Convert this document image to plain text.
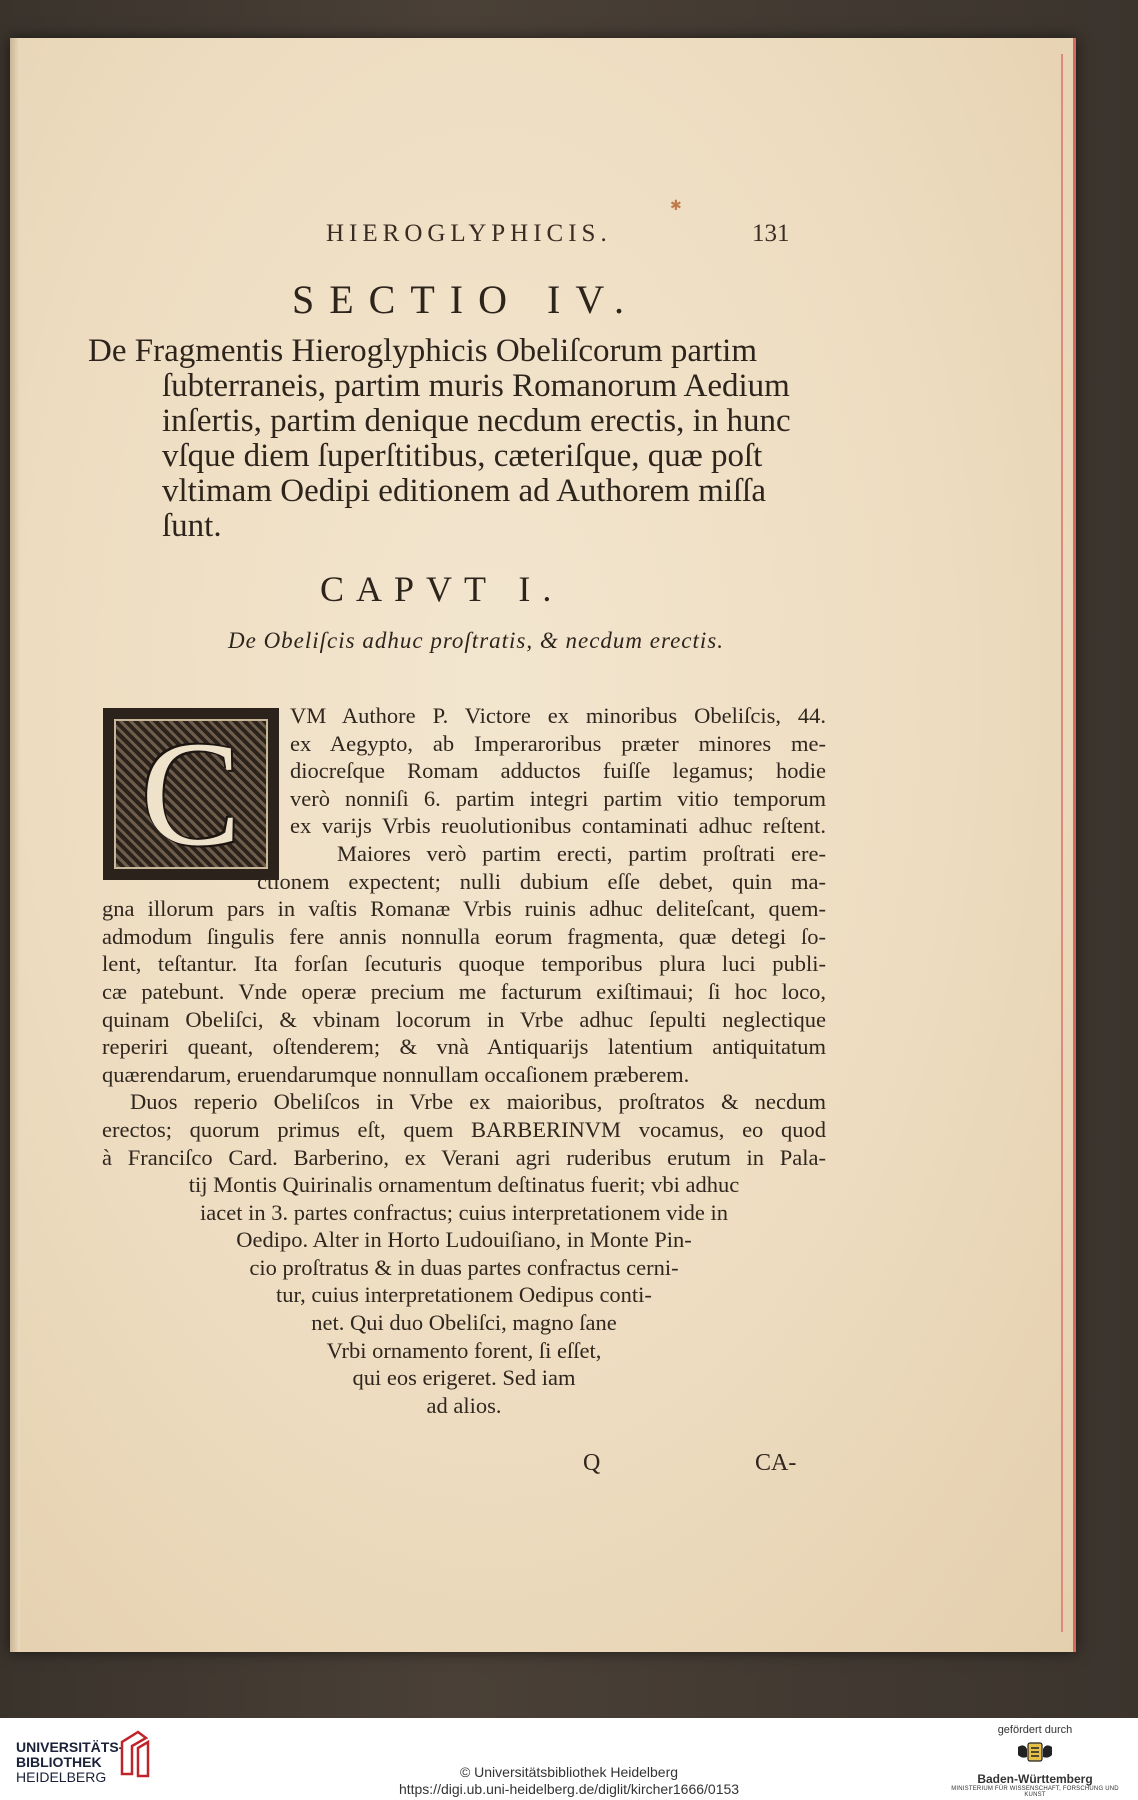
HIEROGLYPHICIS.	131
✱
SECTIO IV.
De Fragmentis Hieroglyphicis Obeliſcorum partim
ſubterraneis, partim muris Romanorum Aedium
inſertis, partim denique necdum erectis, in hunc
vſque diem ſuperſtitibus, cæteriſque, quæ poſt
vltimam Oedipi editionem ad Authorem miſſa
ſunt.
CAPVT I.
De Obeliſcis adhuc proſtratis, & necdum erectis.
C	VM Authore P. Victore ex minoribus Obeliſcis, 44.
ex Aegypto, ab Imperaroribus præter minores me-
diocreſque Romam adductos fuiſſe legamus; hodie
verò nonniſi 6. partim integri partim vitio temporum
ex varijs Vrbis reuolutionibus contaminati adhuc reſtent.
Maiores verò partim erecti, partim proſtrati ere-
ctionem expectent; nulli dubium eſſe debet, quin ma-
gna illorum pars in vaſtis Romanæ Vrbis ruinis adhuc deliteſcant, quem-
admodum ſingulis fere annis nonnulla eorum fragmenta, quæ detegi ſo-
lent, teſtantur. Ita forſan ſecuturis quoque temporibus plura luci publi-
cæ patebunt. Vnde operæ precium me facturum exiſtimaui; ſi hoc loco,
quinam Obeliſci, & vbinam locorum in Vrbe adhuc ſepulti neglectique
reperiri queant, oſtenderem; & vnà Antiquarijs latentium antiquitatum
quærendarum, eruendarumque nonnullam occaſionem præberem.
Duos reperio Obeliſcos in Vrbe ex maioribus, proſtratos & necdum
erectos; quorum primus eſt, quem BARBERINVM vocamus, eo quod
à Franciſco Card. Barberino, ex Verani agri ruderibus erutum in Pala-
tij Montis Quirinalis ornamentum deſtinatus fuerit; vbi adhuc
iacet in 3. partes confractus; cuius interpretationem vide in
Oedipo. Alter in Horto Ludouiſiano, in Monte Pin-
cio proſtratus & in duas partes confractus cerni-
tur, cuius interpretationem Oedipus conti-
net. Qui duo Obeliſci, magno ſane
Vrbi ornamento forent, ſi eſſet,
qui eos erigeret. Sed iam
ad alios.
Q	CA-
UNIVERSITÄTS-
BIBLIOTHEK
HEIDELBERG	© Universitätsbibliothek Heidelberg
https://digi.ub.uni-heidelberg.de/diglit/kircher1666/0153
gefördert durch
Baden-Württemberg
MINISTERIUM FÜR WISSENSCHAFT, FORSCHUNG UND KUNST
